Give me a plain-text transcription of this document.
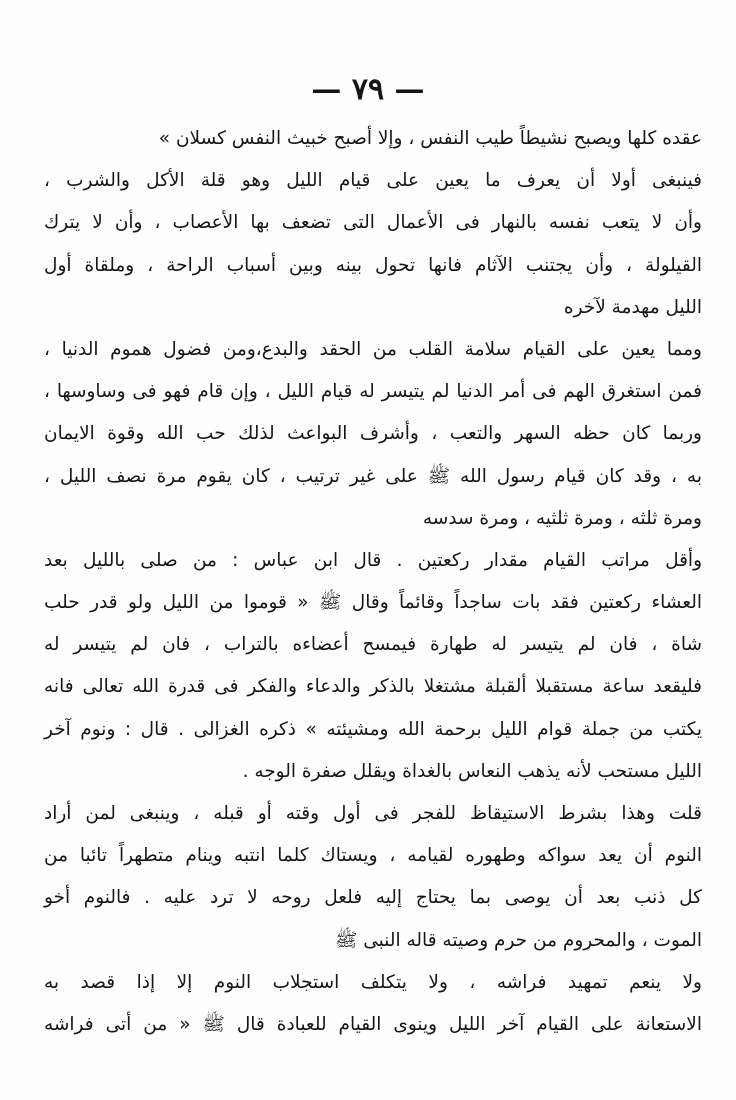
— ٧٩ —
عقده كلها ويصبح نشيطاً طيب النفس ، وإلا أصبح خبيث النفس كسلان »
فينبغى أولا أن يعرف ما يعين على قيام الليل وهو قلة الأكل والشرب ،
وأن لا يتعب نفسه بالنهار فى الأعمال التى تضعف بها الأعصاب ، وأن لا يترك
القيلولة ، وأن يجتنب الآثام فانها تحول بينه وبين أسباب الراحة ، وملقاة أول
الليل مهدمة لآخره
ومما يعين على القيام سلامة القلب من الحقد والبدع،ومن فضول هموم الدنيا ،
فمن استغرق الهم فى أمر الدنيا لم يتيسر له قيام الليل ، وإن قام فهو فى وساوسها ،
وربما كان حظه السهر والتعب ، وأشرف البواعث لذلك حب الله وقوة الايمان
به ، وقد كان قيام رسول الله ﷺ على غير ترتيب ، كان يقوم مرة نصف الليل ،
ومرة ثلثه ، ومرة ثلثيه ، ومرة سدسه
وأقل مراتب القيام مقدار ركعتين . قال ابن عباس : من صلى بالليل بعد
العشاء ركعتين فقد بات ساجداً وقائماً وقال ﷺ « قوموا من الليل ولو قدر حلب
شاة ، فان لم يتيسر له طهارة فيمسح أعضاءه بالتراب ، فان لم يتيسر له
فليقعد ساعة مستقبلا ألقبلة مشتغلا بالذكر والدعاء والفكر فى قدرة الله تعالى فانه
يكتب من جملة قوام الليل برحمة الله ومشيئته » ذكره الغزالى . قال : ونوم آخر
الليل مستحب لأنه يذهب النعاس بالغداة ويقلل صفرة الوجه .
قلت وهذا بشرط الاستيقاظ للفجر فى أول وقته أو قبله ، وينبغى لمن أراد
النوم أن يعد سواكه وطهوره لقيامه ، ويستاك كلما انتبه وينام متطهراً تائبا من
كل ذنب بعد أن يوصى بما يحتاج إليه فلعل روحه لا ترد عليه . فالنوم أخو
الموت ، والمحروم من حرم وصيته قاله النبى ﷺ
ولا ينعم تمهيد فراشه ، ولا يتكلف استجلاب النوم إلا إذا قصد به
الاستعانة على القيام آخر الليل وينوى القيام للعبادة قال ﷺ « من أتى فراشه
